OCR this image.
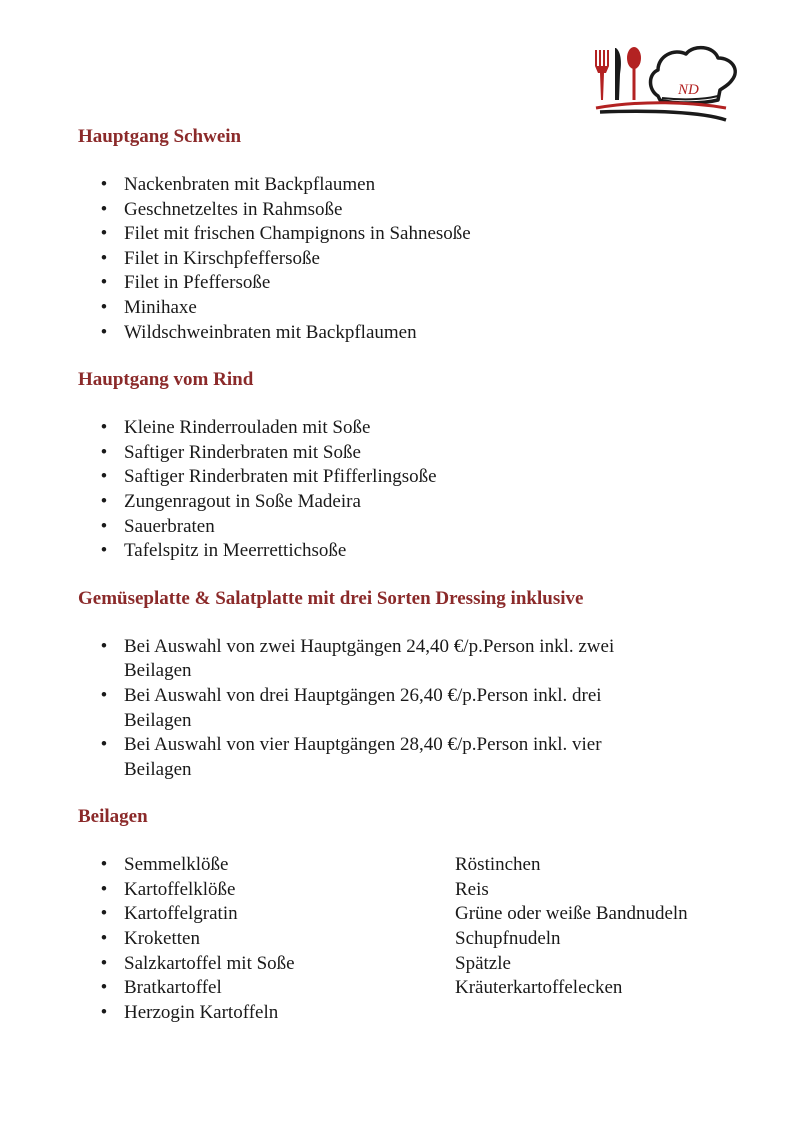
ND
Hauptgang Schwein
• Nackenbraten mit Backpflaumen
• Geschnetzeltes in Rahmsoße
• Filet mit frischen Champignons in Sahnesoße
• Filet in Kirschpfeffersoße
• Filet in Pfeffersoße
• Minihaxe
• Wildschweinbraten mit Backpflaumen
Hauptgang vom Rind
• Kleine Rinderrouladen mit Soße
• Saftiger Rinderbraten mit Soße
• Saftiger Rinderbraten mit Pfifferlingsoße
• Zungenragout in Soße Madeira
• Sauerbraten
• Tafelspitz in Meerrettichsoße
Gemüseplatte & Salatplatte mit drei Sorten Dressing inklusive
• Bei Auswahl von zwei Hauptgängen 24,40 €/p.Person inkl. zwei Beilagen
• Bei Auswahl von drei Hauptgängen 26,40 €/p.Person inkl. drei Beilagen
• Bei Auswahl von vier Hauptgängen 28,40 €/p.Person inkl. vier Beilagen
Beilagen
• Semmelklöße
• Kartoffelklöße
• Kartoffelgratin
• Kroketten
• Salzkartoffel mit Soße
• Bratkartoffel
• Herzogin Kartoffeln
Röstinchen
Reis
Grüne oder weiße Bandnudeln
Schupfnudeln
Spätzle
Kräuterkartoffelecken
